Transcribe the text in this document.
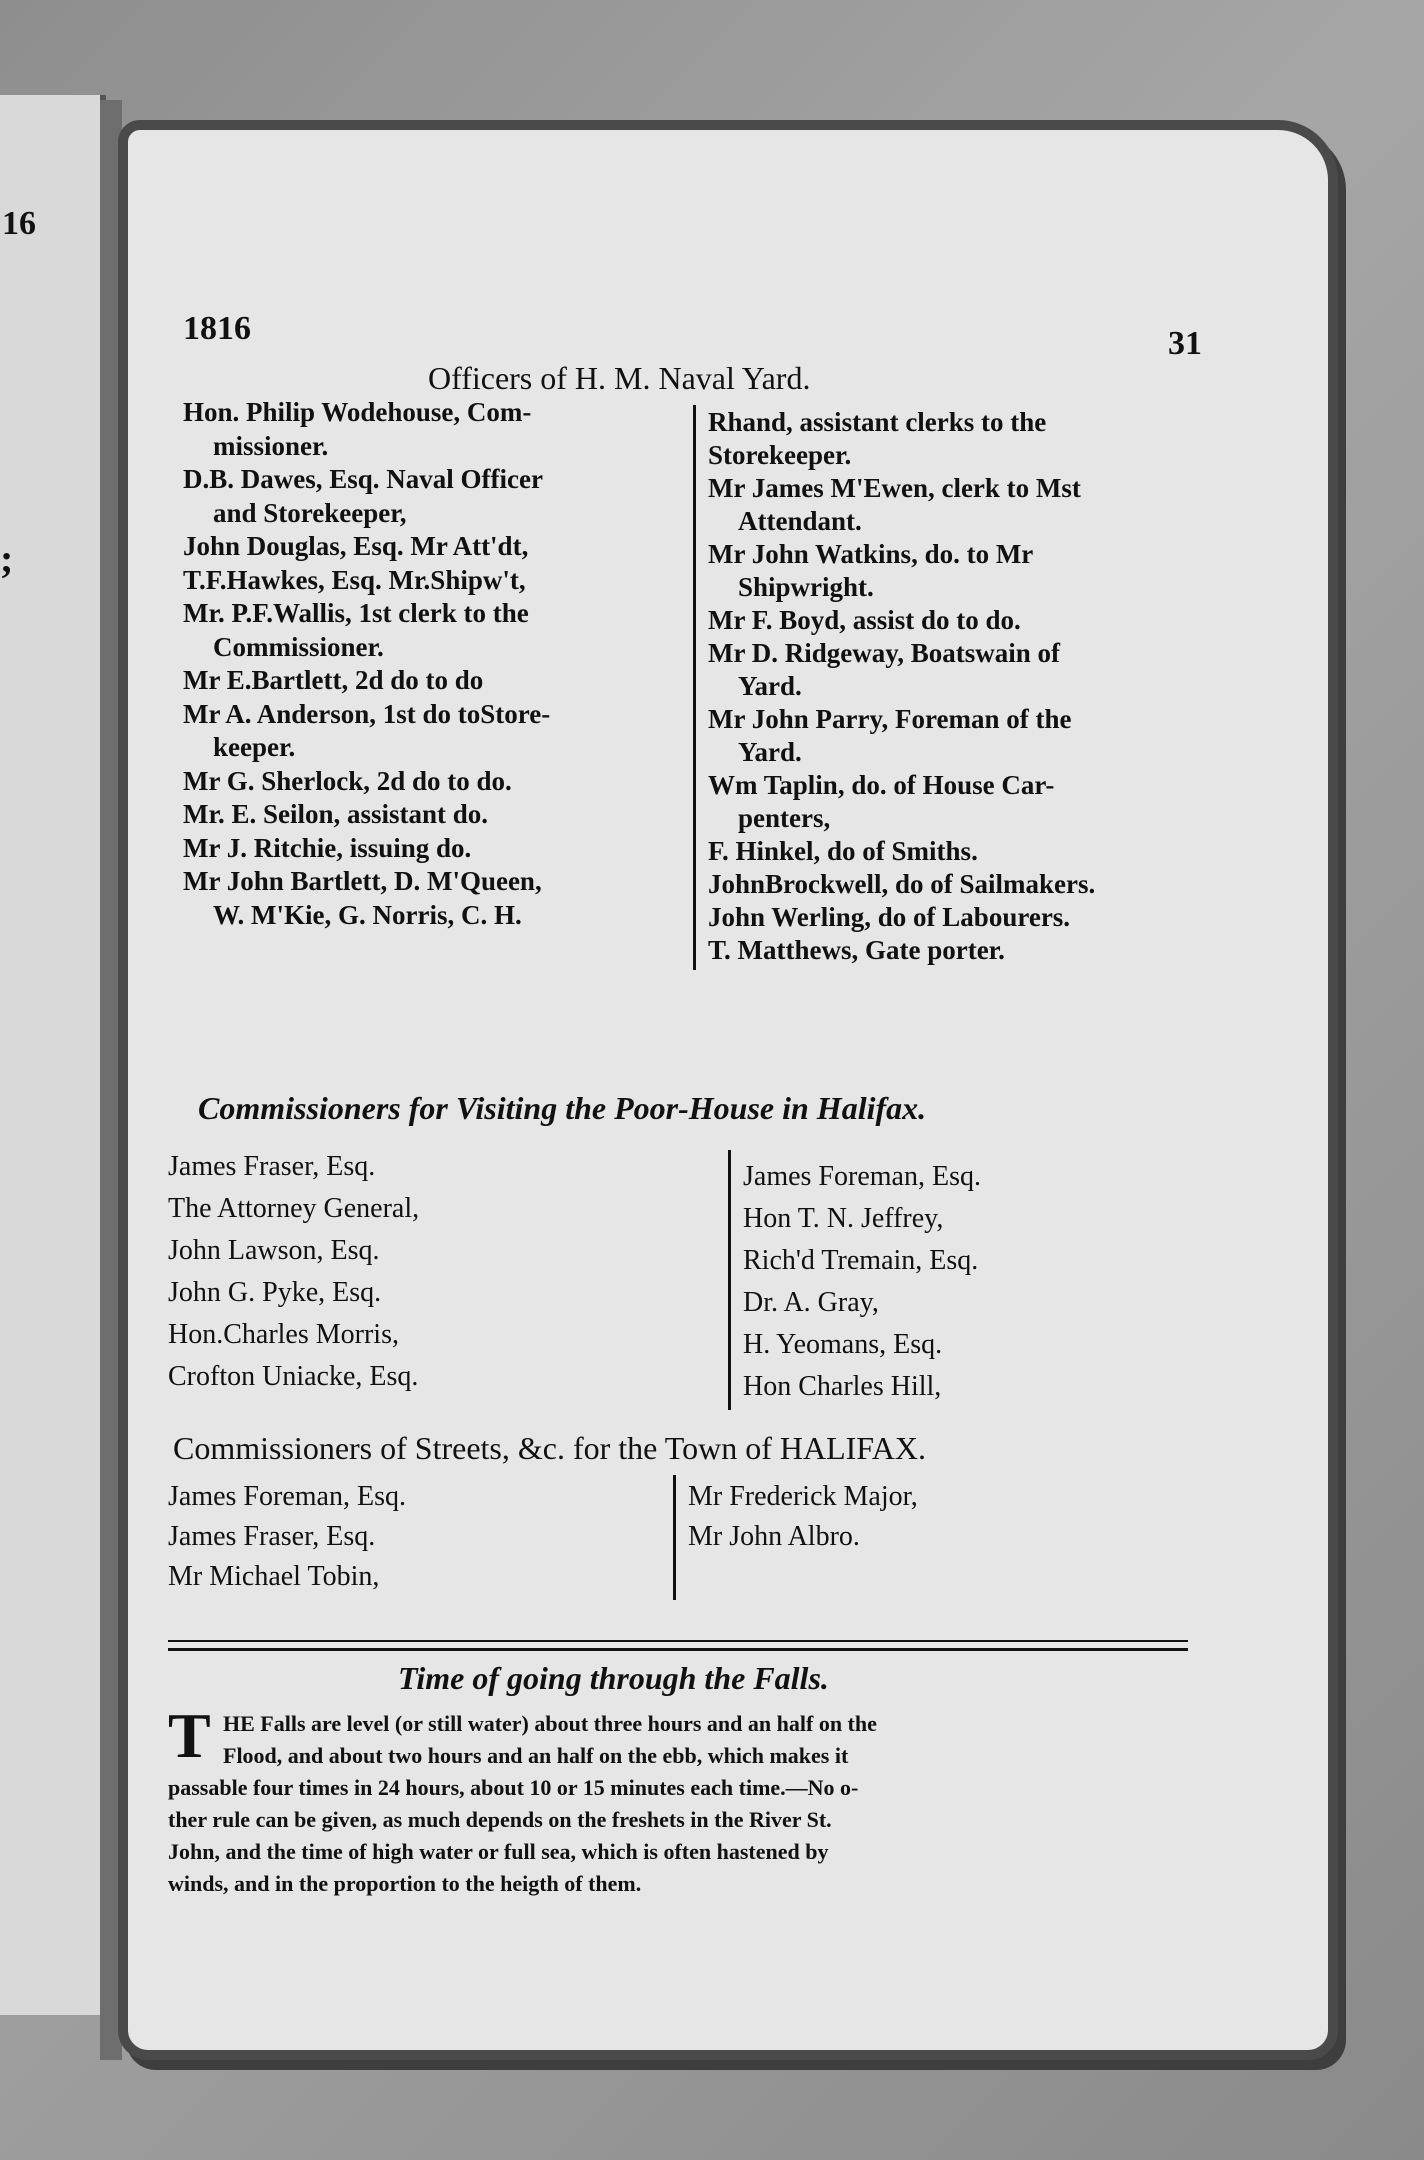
16
;
1816	31
Officers of H. M. Naval Yard.
Hon. Philip Wodehouse, Com-
missioner.
D.B. Dawes, Esq. Naval Officer
and Storekeeper,
John Douglas, Esq. Mr Att'dt,
T.F.Hawkes, Esq. Mr.Shipw't,
Mr. P.F.Wallis, 1st clerk to the
Commissioner.
Mr E.Bartlett, 2d do to do
Mr A. Anderson, 1st do toStore-
keeper.
Mr G. Sherlock, 2d do to do.
Mr. E. Seilon, assistant do.
Mr J. Ritchie, issuing do.
Mr John Bartlett, D. M'Queen,
W. M'Kie, G. Norris, C. H.
Rhand, assistant clerks to the
Storekeeper.
Mr James M'Ewen, clerk to Mst
Attendant.
Mr John Watkins, do. to Mr
Shipwright.
Mr F. Boyd, assist do to do.
Mr D. Ridgeway, Boatswain of
Yard.
Mr John Parry, Foreman of the
Yard.
Wm Taplin, do. of House Car-
penters,
F. Hinkel, do of Smiths.
JohnBrockwell, do of Sailmakers.
John Werling, do of Labourers.
T. Matthews, Gate porter.
Commissioners for Visiting the Poor-House in Halifax.
James Fraser, Esq.
The Attorney General,
John Lawson, Esq.
John G. Pyke, Esq.
Hon.Charles Morris,
Crofton Uniacke, Esq.
James Foreman, Esq.
Hon T. N. Jeffrey,
Rich'd Tremain, Esq.
Dr. A. Gray,
H. Yeomans, Esq.
Hon Charles Hill,
Commissioners of Streets, &c. for the Town of HALIFAX.
James Foreman, Esq.
James Fraser, Esq.
Mr Michael Tobin,
Mr Frederick Major,
Mr John Albro.
Time of going through the Falls.
T HE Falls are level (or still water) about three hours and an half on the
Flood, and about two hours and an half on the ebb, which makes it
passable four times in 24 hours, about 10 or 15 minutes each time.—No o-
ther rule can be given, as much depends on the freshets in the River St.
John, and the time of high water or full sea, which is often hastened by
winds, and in the proportion to the heigth of them.
